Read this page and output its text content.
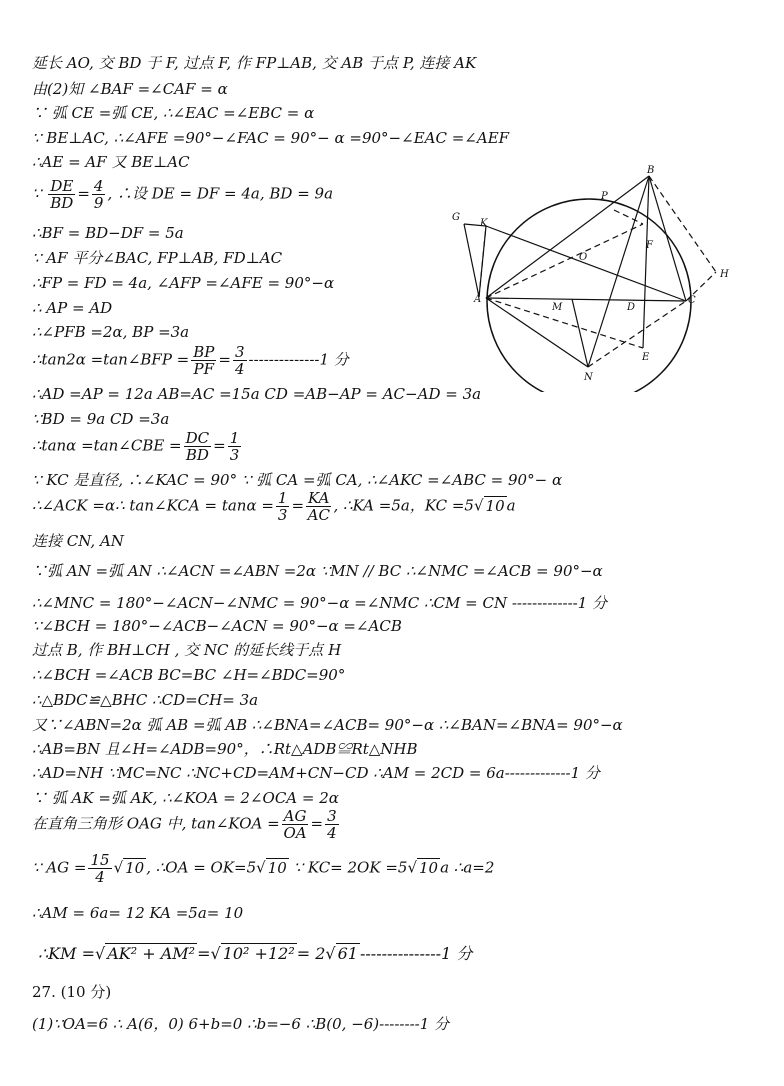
延长 AO, 交 BD 于 F, 过点 F, 作 FP⊥AB, 交 AB 于点 P, 连接 AK
由(2)知 ∠BAF =∠CAF = α
∵ 弧 CE =弧 CE, ∴∠EAC =∠EBC = α
∵ BE⊥AC, ∴∠AFE =90°−∠FAC = 90°− α =90°−∠EAC =∠AEF
∴AE = AF 又 BE⊥AC
∵ $\frac{DE}{BD} = \frac{4}{9}$ , ∴设 DE = DF = 4a, BD = 9a
∴BF = BD−DF = 5a
∵ AF 平分∠BAC, FP⊥AB, FD⊥AC
∴FP = FD = 4a, ∠AFP =∠AFE = 90°−α
∴ AP = AD
∴∠PFB =2α, BP =3a
∴tan2α =tan∠BFP = $\frac{BP}{PF} = \frac{3}{4} --------------1$ 分
∴AD =AP = 12a AB=AC =15a CD =AB−AP = AC−AD = 3a
∵BD = 9a CD =3a
∴tanα =tan∠CBE = $\frac{DC}{BD} = \frac{1}{3}$
∵ KC 是直径, ∴∠KAC = 90° ∵ 弧 CA =弧 CA, ∴∠AKC =∠ABC = 90°− α
∴∠ACK =α∴ tan∠KCA = $\tan\alpha = \frac{1}{3} = \frac{KA}{AC}$ , ∴KA =5a，KC =5√ 10 a
连接 CN, AN
∵弧 AN =弧 AN ∴∠ACN =∠ABN =2α ∵MN // BC ∴∠NMC =∠ACB = 90°−α
∴∠MNC = 180°−∠ACN−∠NMC = 90°−α =∠NMC ∴CM = CN -------------1 分
∵∠BCH = 180°−∠ACB−∠ACN = 90°−α =∠ACB
过点 B, 作 BH⊥CH , 交 NC 的延长线于点 H
∴∠BCH =∠ACB BC=BC ∠H=∠BDC=90°
∴△BDC≌△BHC ∴CD=CH= 3a
又∵∠ABN=2α 弧 AB =弧 AB ∴∠BNA=∠ACB= 90°−α ∴∠BAN=∠BNA= 90°−α
∴AB=BN 且∠H=∠ADB=90°，∴Rt△ADB≌Rt△NHB
∴AD=NH ∵MC=NC ∴NC+CD=AM+CN−CD ∴AM = 2CD = 6a-------------1 分
∵ 弧 AK =弧 AK, ∴∠KOA = 2∠OCA = 2α
在直角三角形 OAG 中, tan∠KOA = $\frac{AG}{OA} = \frac{3}{4}$
∵ AG = $\frac{15}{4}$ √ 10 , ∴OA = OK=5√ 10 ∵ KC= 2OK =5√ 10 a ∴a=2
∴AM = 6a= 12 KA =5a= 10
∴KM =√ AK² + AM² =√ 10² +12² = 2√ 61 ---------------1 分
27. (10 分)
(1)∵OA=6 ∴ A(6，0) 6+b=0 ∴b=−6 ∴B(0, −6)--------1 分
B
P
G
K
F
O
H
A
M	D
C
E
N
